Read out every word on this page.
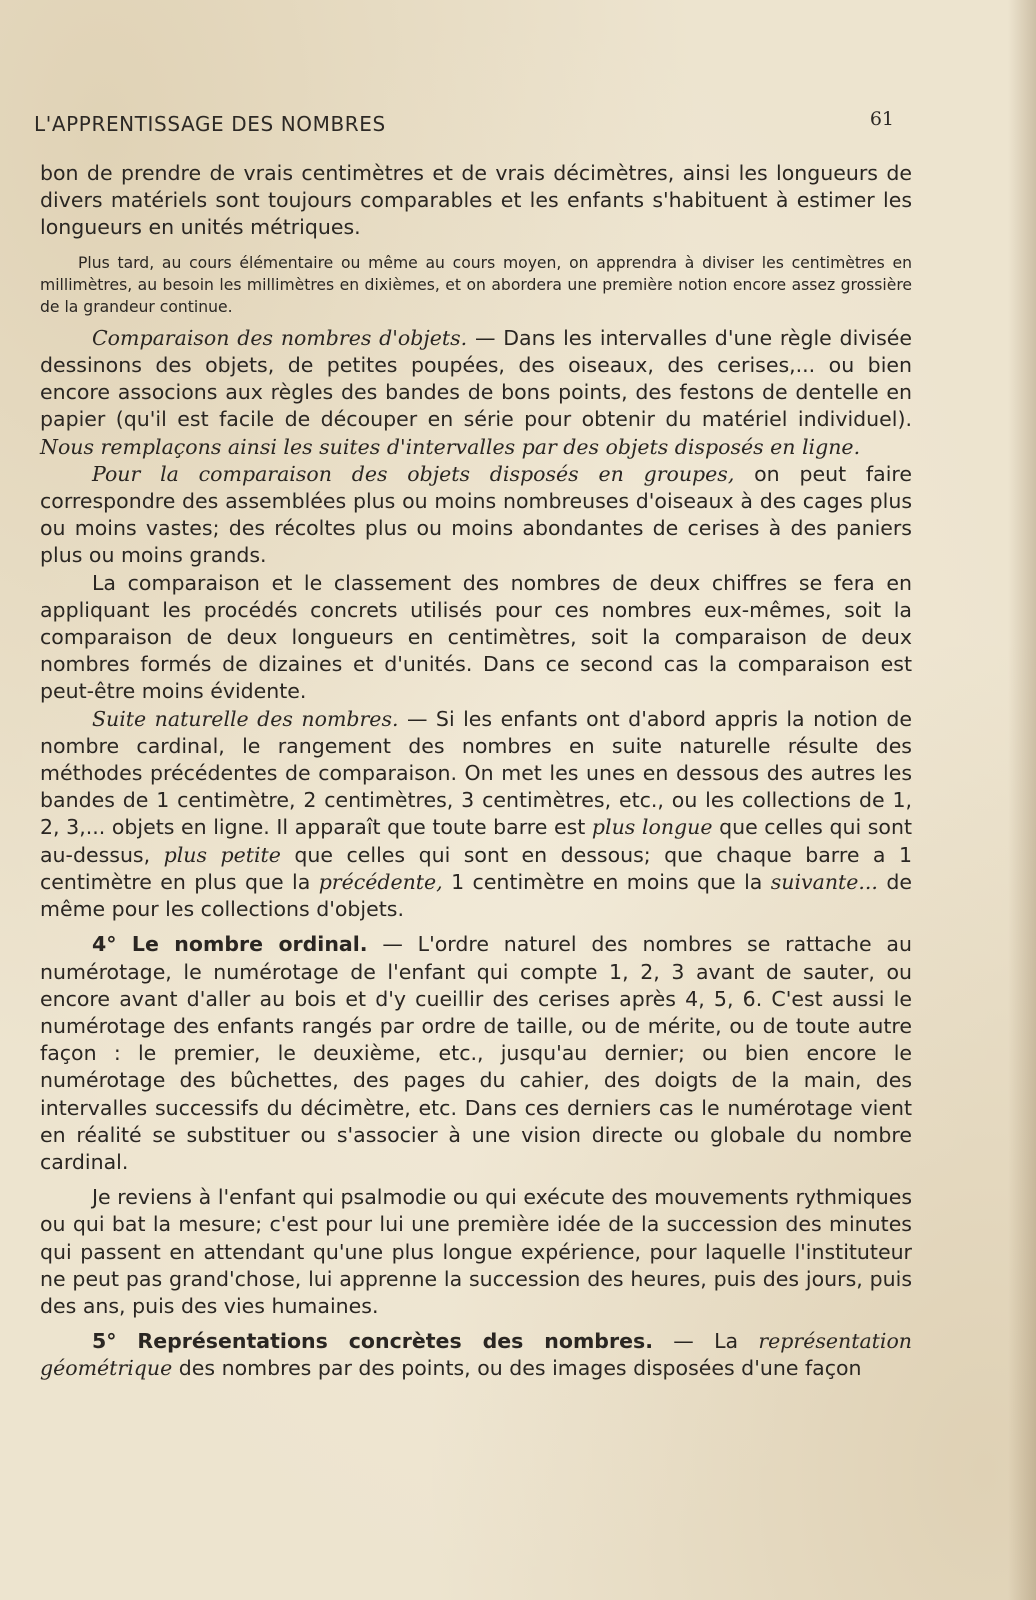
L'APPRENTISSAGE DES NOMBRES	61

bon de prendre de vrais centimètres et de vrais décimètres, ainsi les longueurs de divers matériels sont toujours comparables et les enfants s'habituent à estimer les longueurs en unités métriques.

Plus tard, au cours élémentaire ou même au cours moyen, on apprendra à diviser les centimètres en millimètres, au besoin les millimètres en dixièmes, et on abordera une première notion encore assez grossière de la grandeur continue.

Comparaison des nombres d'objets. — Dans les intervalles d'une règle divisée dessinons des objets, de petites poupées, des oiseaux, des cerises,... ou bien encore associons aux règles des bandes de bons points, des festons de dentelle en papier (qu'il est facile de découper en série pour obtenir du matériel individuel). Nous remplaçons ainsi les suites d'intervalles par des objets disposés en ligne.

Pour la comparaison des objets disposés en groupes, on peut faire correspondre des assemblées plus ou moins nombreuses d'oiseaux à des cages plus ou moins vastes; des récoltes plus ou moins abondantes de cerises à des paniers plus ou moins grands.

La comparaison et le classement des nombres de deux chiffres se fera en appliquant les procédés concrets utilisés pour ces nombres eux-mêmes, soit la comparaison de deux longueurs en centimètres, soit la comparaison de deux nombres formés de dizaines et d'unités. Dans ce second cas la comparaison est peut-être moins évidente.

Suite naturelle des nombres. — Si les enfants ont d'abord appris la notion de nombre cardinal, le rangement des nombres en suite naturelle résulte des méthodes précédentes de comparaison. On met les unes en dessous des autres les bandes de 1 centimètre, 2 centimètres, 3 centimètres, etc., ou les collections de 1, 2, 3,... objets en ligne. Il apparaît que toute barre est plus longue que celles qui sont au-dessus, plus petite que celles qui sont en dessous; que chaque barre a 1 centimètre en plus que la précédente, 1 centimètre en moins que la suivante... de même pour les collections d'objets.

4° Le nombre ordinal. — L'ordre naturel des nombres se rattache au numérotage, le numérotage de l'enfant qui compte 1, 2, 3 avant de sauter, ou encore avant d'aller au bois et d'y cueillir des cerises après 4, 5, 6. C'est aussi le numérotage des enfants rangés par ordre de taille, ou de mérite, ou de toute autre façon : le premier, le deuxième, etc., jusqu'au dernier; ou bien encore le numérotage des bûchettes, des pages du cahier, des doigts de la main, des intervalles successifs du décimètre, etc. Dans ces derniers cas le numérotage vient en réalité se substituer ou s'associer à une vision directe ou globale du nombre cardinal.

Je reviens à l'enfant qui psalmodie ou qui exécute des mouvements rythmiques ou qui bat la mesure; c'est pour lui une première idée de la succession des minutes qui passent en attendant qu'une plus longue expérience, pour laquelle l'instituteur ne peut pas grand'chose, lui apprenne la succession des heures, puis des jours, puis des ans, puis des vies humaines.

5° Représentations concrètes des nombres. — La représentation géométrique des nombres par des points, ou des images disposées d'une façon
